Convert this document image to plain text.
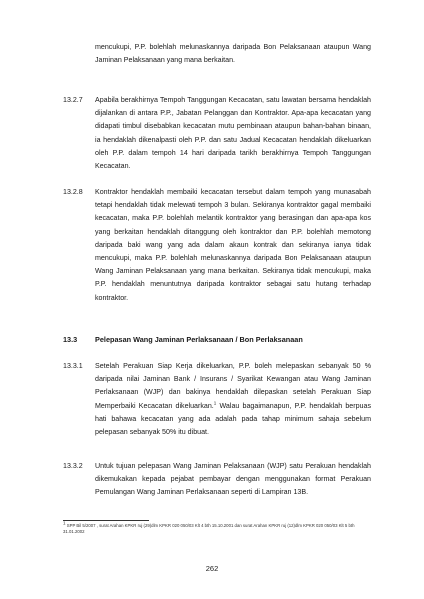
mencukupi, P.P. bolehlah melunaskannya daripada Bon Pelaksanaan ataupun Wang Jaminan Pelaksanaan yang mana berkaitan.

13.2.7 Apabila berakhirnya Tempoh Tanggungan Kecacatan, satu lawatan bersama hendaklah dijalankan di antara P.P., Jabatan Pelanggan dan Kontraktor. Apa-apa kecacatan yang didapati timbul disebabkan kecacatan mutu pembinaan ataupun bahan-bahan binaan, ia hendaklah dikenalpasti oleh P.P. dan satu Jadual Kecacatan hendaklah dikeluarkan oleh P.P. dalam tempoh 14 hari daripada tarikh berakhirnya Tempoh Tanggungan Kecacatan.

13.2.8 Kontraktor hendaklah membaiki kecacatan tersebut dalam tempoh yang munasabah tetapi hendaklah tidak melewati tempoh 3 bulan. Sekiranya kontraktor gagal membaiki kecacatan, maka P.P. bolehlah melantik kontraktor yang berasingan dan apa-apa kos yang berkaitan hendaklah ditanggung oleh kontraktor dan P.P. bolehlah memotong daripada baki wang yang ada dalam akaun kontrak dan sekiranya ianya tidak mencukupi, maka P.P. bolehlah melunaskannya daripada Bon Pelaksanaan ataupun Wang Jaminan Pelaksanaan yang mana berkaitan. Sekiranya tidak mencukupi, maka P.P. hendaklah menuntutnya daripada kontraktor sebagai satu hutang terhadap kontraktor.

13.3 Pelepasan Wang Jaminan Perlaksanaan / Bon Perlaksanaan
13.3.1 Setelah Perakuan Siap Kerja dikeluarkan, P.P. boleh melepaskan sebanyak 50 % daripada nilai Jaminan Bank / Insurans / Syarikat Kewangan atau Wang Jaminan Perlaksanaan (WJP) dan bakinya hendaklah dilepaskan setelah Perakuan Siap Memperbaiki Kecacatan dikeluarkan.$^1$ Walau bagaimanapun, P.P. hendaklah berpuas hati bahawa kecacatan yang ada adalah pada tahap minimum sahaja sebelum pelepasan sebanyak 50% itu dibuat.

13.3.2 Untuk tujuan pelepasan Wang Jaminan Pelaksanaan (WJP) satu Perakuan hendaklah dikemukakan kepada pejabat pembayar dengan menggunakan format Perakuan Pemulangan Wang Jaminan Perlaksanaan seperti di Lampiran 13B.

$^1$ SPP Bil 5/2007 , surat Arahan KPKR ruj (29)dlm KPKR 020 050/03 Klt 4 bth 15.10.2001 dan surat Arahan KPKR ruj (12)dlm KPKR 020 050/03 Klt 5 bth 31.01.2002

262
